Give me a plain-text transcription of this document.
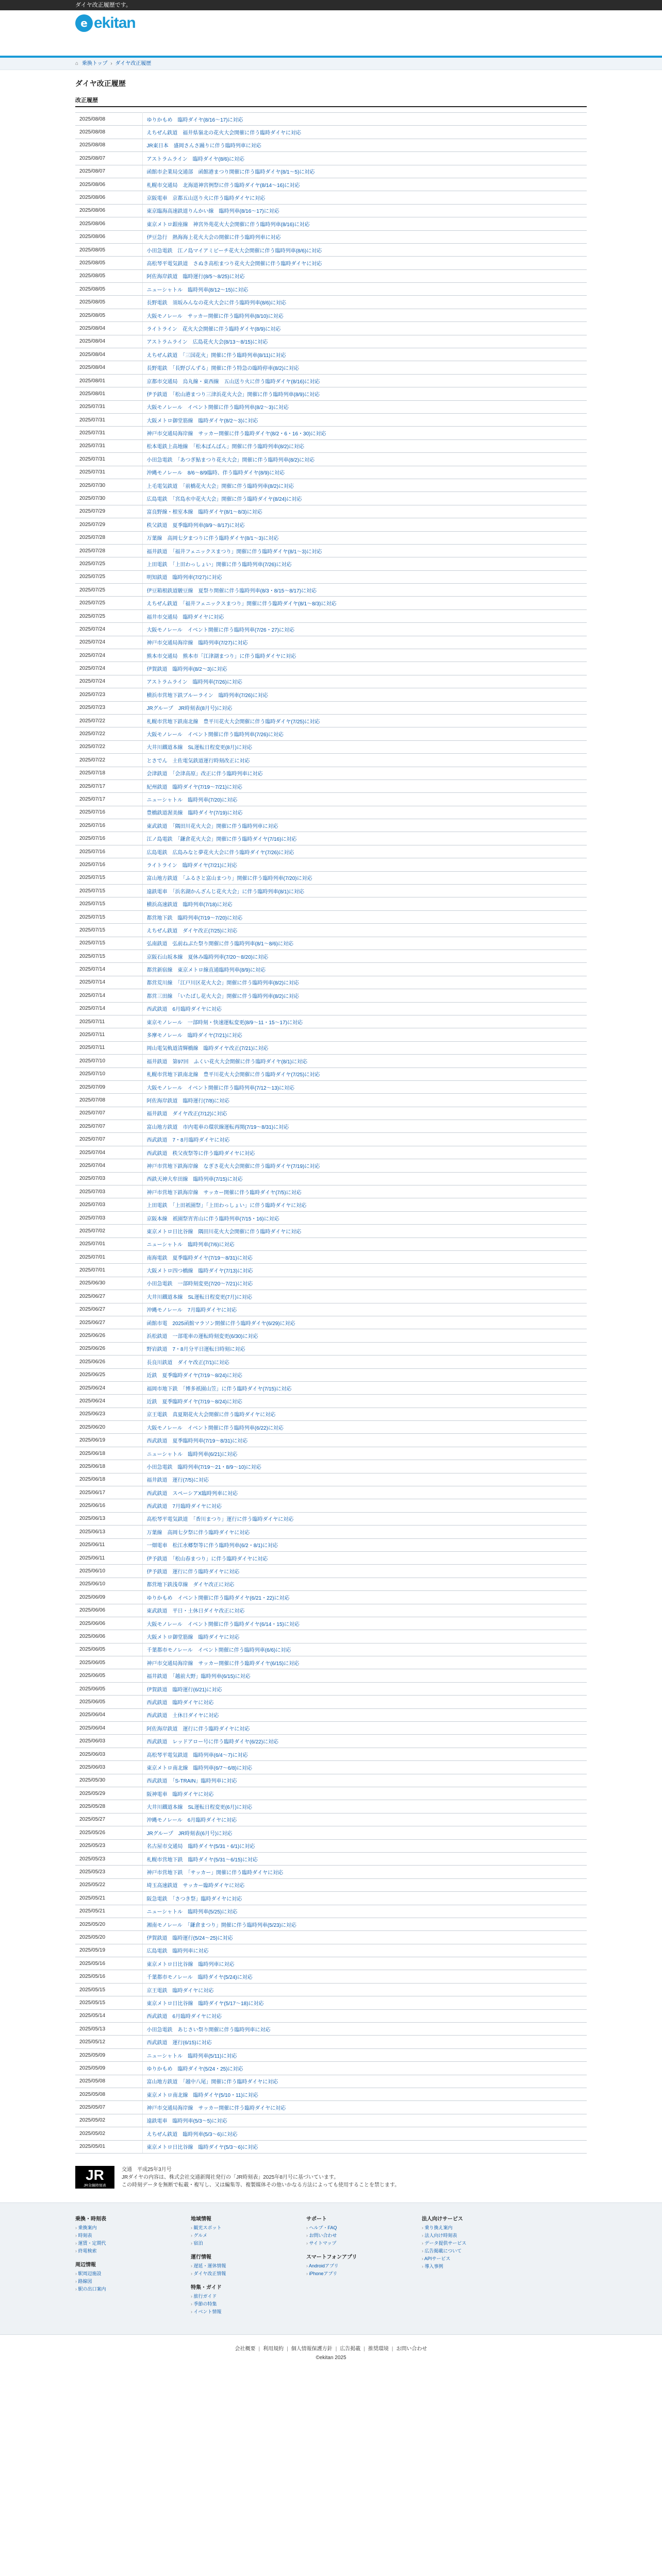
ダイヤ改正履歴です。
e ekitan
⌂ 乗換トップ › ダイヤ改正履歴
ダイヤ改正履歴
改正履歴
2025/08/08	ゆりかもめ　臨時ダイヤ(8/16〜17)に対応
2025/08/08	えちぜん鉄道　福井県嶺北の花火大会開催に伴う臨時ダイヤに対応
2025/08/08	JR東日本　盛岡さんさ踊りに伴う臨時列車に対応
2025/08/07	アストラムライン　臨時ダイヤ(8/6)に対応
2025/08/07	函館市企業局交通部　函館港まつり開催に伴う臨時ダイヤ(8/1〜5)に対応
2025/08/06	札幌市交通局　北海道神宮例祭に伴う臨時ダイヤ(8/14〜16)に対応
2025/08/06	京阪電車　京都五山送り火に伴う臨時ダイヤに対応
2025/08/06	東京臨海高速鉄道りんかい線　臨時列車(8/16〜17)に対応
2025/08/06	東京メトロ銀座線　神宮外苑花火大会開催に伴う臨時列車(8/16)に対応
2025/08/06	伊豆急行　熱海海上花火大会の開催に伴う臨時列車に対応
2025/08/05	小田急電鉄　江ノ島マイアミビーチ花火大会開催に伴う臨時列車(8/6)に対応
2025/08/05	高松琴平電気鉄道　さぬき高松まつり花火大会開催に伴う臨時ダイヤに対応
2025/08/05	阿佐海岸鉄道　臨時運行(8/5〜8/25)に対応
2025/08/05	ニューシャトル　臨時列車(8/12〜15)に対応
2025/08/05	長野電鉄　須坂みんなの花火大会に伴う臨時列車(8/6)に対応
2025/08/05	大阪モノレール　サッカー開催に伴う臨時列車(8/10)に対応
2025/08/04	ライトライン　花火大会開催に伴う臨時ダイヤ(8/9)に対応
2025/08/04	アストラムライン　広島花火大会(8/13〜8/15)に対応
2025/08/04	えちぜん鉄道　「三国花火」開催に伴う臨時列車(8/11)に対応
2025/08/04	長野電鉄　「長野びんずる」開催に伴う特急の臨時停車(8/2)に対応
2025/08/01	京都市交通局　烏丸線・東西線　五山送り火に伴う臨時ダイヤ(8/16)に対応
2025/08/01	伊予鉄道　「松山港まつり三津浜花火大会」開催に伴う臨時列車(8/9)に対応
2025/07/31	大阪モノレール　イベント開催に伴う臨時列車(8/2〜3)に対応
2025/07/31	大阪メトロ御堂筋線　臨時ダイヤ(8/2〜3)に対応
2025/07/31	神戸市交通局海岸線　サッカー開催に伴う臨時ダイヤ(8/2・6・16・30)に対応
2025/07/31	松本電鉄上高地線　「松本ぼんぼん」開催に伴う臨時列車(8/2)に対応
2025/07/31	小田急電鉄　「あつぎ鮎まつり花火大会」開催に伴う臨時列車(8/2)に対応
2025/07/31	沖縄モノレール　8/6〜8/9臨時、伴う臨時ダイヤ(8/9)に対応
2025/07/30	上毛電気鉄道　「前橋花火大会」開催に伴う臨時列車(8/2)に対応
2025/07/30	広島電鉄　「宮島水中花火大会」開催に伴う臨時ダイヤ(8/24)に対応
2025/07/29	富良野線・根室本線　臨時ダイヤ(8/1〜8/3)に対応
2025/07/29	秩父鉄道　夏季臨時列車(8/9〜8/17)に対応
2025/07/28	万葉線　高岡七夕まつりに伴う臨時ダイヤ(8/1〜3)に対応
2025/07/28	福井鉄道　「福井フェニックスまつり」開催に伴う臨時ダイヤ(8/1〜3)に対応
2025/07/25	上田電鉄　「上田わっしょい」開催に伴う臨時列車(7/26)に対応
2025/07/25	明知鉄道　臨時列車(7/27)に対応
2025/07/25	伊豆箱根鉄道駿豆線　夏祭り開催に伴う臨時列車(8/3・8/15〜8/17)に対応
2025/07/25	えちぜん鉄道　「福井フェニックスまつり」開催に伴う臨時ダイヤ(8/1〜8/3)に対応
2025/07/25	福井市交通局　臨時ダイヤに対応
2025/07/24	大阪モノレール　イベント開催に伴う臨時列車(7/26・27)に対応
2025/07/24	神戸市交通局海岸線　臨時列車(7/27)に対応
2025/07/24	熊本市交通局　熊本市「江津湖まつり」に伴う臨時ダイヤに対応
2025/07/24	伊賀鉄道　臨時列車(8/2〜3)に対応
2025/07/24	アストラムライン　臨時列車(7/26)に対応
2025/07/23	横浜市営地下鉄ブルーライン　臨時列車(7/26)に対応
2025/07/23	JRグループ　JR時刻表(8月号)に対応
2025/07/22	札幌市営地下鉄南北線　豊平川花火大会開催に伴う臨時ダイヤ(7/25)に対応
2025/07/22	大阪モノレール　イベント開催に伴う臨時列車(7/26)に対応
2025/07/22	大井川鐵道本線　SL運転日程変更(8月)に対応
2025/07/22	とさでん　土佐電気鉄道運行時刻改正に対応
2025/07/18	会津鉄道　「会津高原」改正に伴う臨時列車に対応
2025/07/17	紀州鉄道　臨時ダイヤ(7/19〜7/21)に対応
2025/07/17	ニューシャトル　臨時列車(7/20)に対応
2025/07/16	豊橋鉄道渥美線　臨時ダイヤ(7/19)に対応
2025/07/16	東武鉄道　「隅田川花火大会」開催に伴う臨時列車に対応
2025/07/16	江ノ島電鉄　「鎌倉花火大会」開催に伴う臨時ダイヤ(7/16)に対応
2025/07/16	広島電鉄　広島みなと夢花火大会に伴う臨時ダイヤ(7/26)に対応
2025/07/16	ライトライン　臨時ダイヤ(7/21)に対応
2025/07/15	富山地方鉄道　「ふるさと富山まつり」開催に伴う臨時列車(7/20)に対応
2025/07/15	遠鉄電車　「浜名湖かんざんじ花火大会」に伴う臨時列車(8/1)に対応
2025/07/15	横浜高速鉄道　臨時列車(7/18)に対応
2025/07/15	都営地下鉄　臨時列車(7/19〜7/20)に対応
2025/07/15	えちぜん鉄道　ダイヤ改正(7/25)に対応
2025/07/15	弘南鉄道　弘前ねぷた祭り開催に伴う臨時列車(8/1〜8/6)に対応
2025/07/15	京阪石山坂本線　夏休み臨時列車(7/20〜8/20)に対応
2025/07/14	都営新宿線　東京メトロ線直通臨時列車(8/9)に対応
2025/07/14	都営荒川線　「江戸川区花火大会」開催に伴う臨時列車(8/2)に対応
2025/07/14	都営三田線　「いたばし花火大会」開催に伴う臨時列車(8/2)に対応
2025/07/14	西武鉄道　6月臨時ダイヤに対応
2025/07/11	東京モノレール　一部時刻・快速運転変更(8/9〜11・15〜17)に対応
2025/07/11	多摩モノレール　臨時ダイヤ(7/21)に対応
2025/07/11	岡山電気軌道清輝橋線　臨時ダイヤ改正(7/21)に対応
2025/07/10	福井鉄道　第97回　ふくい花火大会開催に伴う臨時ダイヤ(8/1)に対応
2025/07/10	札幌市営地下鉄南北線　豊平川花火大会開催に伴う臨時ダイヤ(7/25)に対応
2025/07/09	大阪モノレール　イベント開催に伴う臨時列車(7/12〜13)に対応
2025/07/08	阿佐海岸鉄道　臨時運行(7/8)に対応
2025/07/07	福井鉄道　ダイヤ改正(7/12)に対応
2025/07/07	富山地方鉄道　市内電車の環状線運転再開(7/19〜8/31)に対応
2025/07/07	西武鉄道　7・8月臨時ダイヤに対応
2025/07/04	西武鉄道　秩父夜祭等に伴う臨時ダイヤに対応
2025/07/04	神戸市営地下鉄海岸線　なぎさ花火大会開催に伴う臨時ダイヤ(7/19)に対応
2025/07/03	西鉄天神大牟田線　臨時列車(7/15)に対応
2025/07/03	神戸市営地下鉄海岸線　サッカー開催に伴う臨時ダイヤ(7/5)に対応
2025/07/03	上田電鉄　「上田祇園祭」「上田わっしょい」に伴う臨時ダイヤに対応
2025/07/03	京阪本線　祇園祭宵宵山に伴う臨時列車(7/15・16)に対応
2025/07/02	東京メトロ日比谷線　隅田川花火大会開催に伴う臨時ダイヤに対応
2025/07/01	ニューシャトル　臨時列車(7/6)に対応
2025/07/01	南海電鉄　夏季臨時ダイヤ(7/19〜8/31)に対応
2025/07/01	大阪メトロ四つ橋線　臨時ダイヤ(7/13)に対応
2025/06/30	小田急電鉄　一部時刻変更(7/20〜7/21)に対応
2025/06/27	大井川鐵道本線　SL運転日程変更(7月)に対応
2025/06/27	沖縄モノレール　7月臨時ダイヤに対応
2025/06/27	函館市電　2025函館マラソン開催に伴う臨時ダイヤ(6/29)に対応
2025/06/26	浜松鉄道　一部電車の運転時刻変更(6/30)に対応
2025/06/26	野岩鉄道　7・8月分平日運転日時刻に対応
2025/06/26	長良川鉄道　ダイヤ改正(7/1)に対応
2025/06/25	近鉄　夏季臨時ダイヤ(7/19〜8/24)に対応
2025/06/24	福岡市地下鉄　「博多祇園山笠」に伴う臨時ダイヤ(7/15)に対応
2025/06/24	近鉄　夏季臨時ダイヤ(7/19〜8/24)に対応
2025/06/23	京王電鉄　真夏期花火大会開催に伴う臨時ダイヤに対応
2025/06/20	大阪モノレール　イベント開催に伴う臨時列車(6/22)に対応
2025/06/19	西武鉄道　夏季臨時列車(7/19〜8/31)に対応
2025/06/18	ニューシャトル　臨時列車(6/21)に対応
2025/06/18	小田急電鉄　臨時列車(7/19〜21・8/9〜10)に対応
2025/06/18	福井鉄道　運行(7/5)に対応
2025/06/17	西武鉄道　スペーシアX臨時列車に対応
2025/06/16	西武鉄道　7月臨時ダイヤに対応
2025/06/13	高松琴平電気鉄道　「香川まつり」運行に伴う臨時ダイヤに対応
2025/06/13	万葉線　高岡七夕祭に伴う臨時ダイヤに対応
2025/06/11	一畑電車　松江水郷祭等に伴う臨時列車(6/2・8/1)に対応
2025/06/11	伊予鉄道　「松山春まつり」に伴う臨時ダイヤに対応
2025/06/10	伊予鉄道　運行に伴う臨時ダイヤに対応
2025/06/10	都営地下鉄浅草線　ダイヤ改正に対応
2025/06/09	ゆりかもめ　イベント開催に伴う臨時ダイヤ(6/21・22)に対応
2025/06/06	東武鉄道　平日・土休日ダイヤ改正に対応
2025/06/06	大阪モノレール　イベント開催に伴う臨時ダイヤ(6/14・15)に対応
2025/06/06	大阪メトロ御堂筋線　臨時ダイヤに対応
2025/06/05	千葉都市モノレール　イベント開催に伴う臨時列車(6/6)に対応
2025/06/05	神戸市交通局海岸線　サッカー開催に伴う臨時ダイヤ(6/15)に対応
2025/06/05	福井鉄道　「越前大野」臨時列車(6/15)に対応
2025/06/05	伊賀鉄道　臨時運行(6/21)に対応
2025/06/05	西武鉄道　臨時ダイヤに対応
2025/06/04	西武鉄道　土休日ダイヤに対応
2025/06/04	阿佐海岸鉄道　運行に伴う臨時ダイヤに対応
2025/06/03	西武鉄道　レッドアロー号に伴う臨時ダイヤ(6/22)に対応
2025/06/03	高松琴平電気鉄道　臨時列車(6/4〜7)に対応
2025/06/03	東京メトロ南北線　臨時列車(6/7〜6/8)に対応
2025/05/30	西武鉄道　「S-TRAIN」臨時列車に対応
2025/05/29	阪神電車　臨時ダイヤに対応
2025/05/28	大井川鐵道本線　SL運転日程変更(6月)に対応
2025/05/27	沖縄モノレール　6月臨時ダイヤに対応
2025/05/26	JRグループ　JR時刻表(6月号)に対応
2025/05/23	名古屋市交通局　臨時ダイヤ(5/31・6/1)に対応
2025/05/23	札幌市営地下鉄　臨時ダイヤ(5/31〜6/15)に対応
2025/05/23	神戸市営地下鉄　「サッカー」開催に伴う臨時ダイヤに対応
2025/05/22	埼玉高速鉄道　サッカー臨時ダイヤに対応
2025/05/21	阪急電鉄　「さつき祭」臨時ダイヤに対応
2025/05/21	ニューシャトル　臨時列車(5/25)に対応
2025/05/20	湘南モノレール　「鎌倉まつり」開催に伴う臨時列車(5/23)に対応
2025/05/20	伊賀鉄道　臨時運行(5/24〜25)に対応
2025/05/19	広島電鉄　臨時列車に対応
2025/05/16	東京メトロ日比谷線　臨時列車に対応
2025/05/16	千葉都市モノレール　臨時ダイヤ(5/24)に対応
2025/05/15	京王電鉄　臨時ダイヤに対応
2025/05/15	東京メトロ日比谷線　臨時ダイヤ(5/17〜18)に対応
2025/05/14	西武鉄道　6月臨時ダイヤに対応
2025/05/13	小田急電鉄　あじさい祭り開催に伴う臨時列車に対応
2025/05/12	西武鉄道　運行(6/15)に対応
2025/05/09	ニューシャトル　臨時列車(5/11)に対応
2025/05/09	ゆりかもめ　臨時ダイヤ(5/24・25)に対応
2025/05/08	富山地方鉄道　「越中八尾」開催に伴う臨時ダイヤに対応
2025/05/08	東京メトロ南北線　臨時ダイヤ(5/10・11)に対応
2025/05/07	神戸市交通局海岸線　サッカー開催に伴う臨時ダイヤに対応
2025/05/02	遠鉄電車　臨時列車(5/3〜5)に対応
2025/05/02	えちぜん鉄道　臨時列車(5/3〜6)に対応
2025/05/01	東京メトロ日比谷線　臨時ダイヤ(5/3〜6)に対応
JR
JR全線時刻表
交通　平成25年3月号
JRダイヤの内容は、株式会社交通新聞社発行の「JR時刻表」2025年8月号に基づいています。
この時刻データを無断で転載・複写し、又は編集等、複製媒体その他いかなる方法によっても使用することを禁じます。
乗換・時刻表
› 乗換案内
› 時刻表
› 運賃・定期代
› 終電検索
周辺情報
› 駅周辺施設
› 路線図
› 駅の出口案内
地域情報
› 観光スポット
› グルメ
› 宿泊
運行情報
› 遅延・運休情報
› ダイヤ改正情報
特集・ガイド
› 旅行ガイド
› 季節の特集
› イベント情報
サポート
› ヘルプ・FAQ
› お問い合わせ
› サイトマップ
スマートフォンアプリ
› Androidアプリ
› iPhoneアプリ
法人向けサービス
› 乗り換え案内
› 法人向け時刻表
› データ提供サービス
› 広告掲載について
› APIサービス
› 導入事例
会社概要 | 利用規約 | 個人情報保護方針 | 広告掲載 | 推奨環境 | お問い合わせ
©ekitan 2025
